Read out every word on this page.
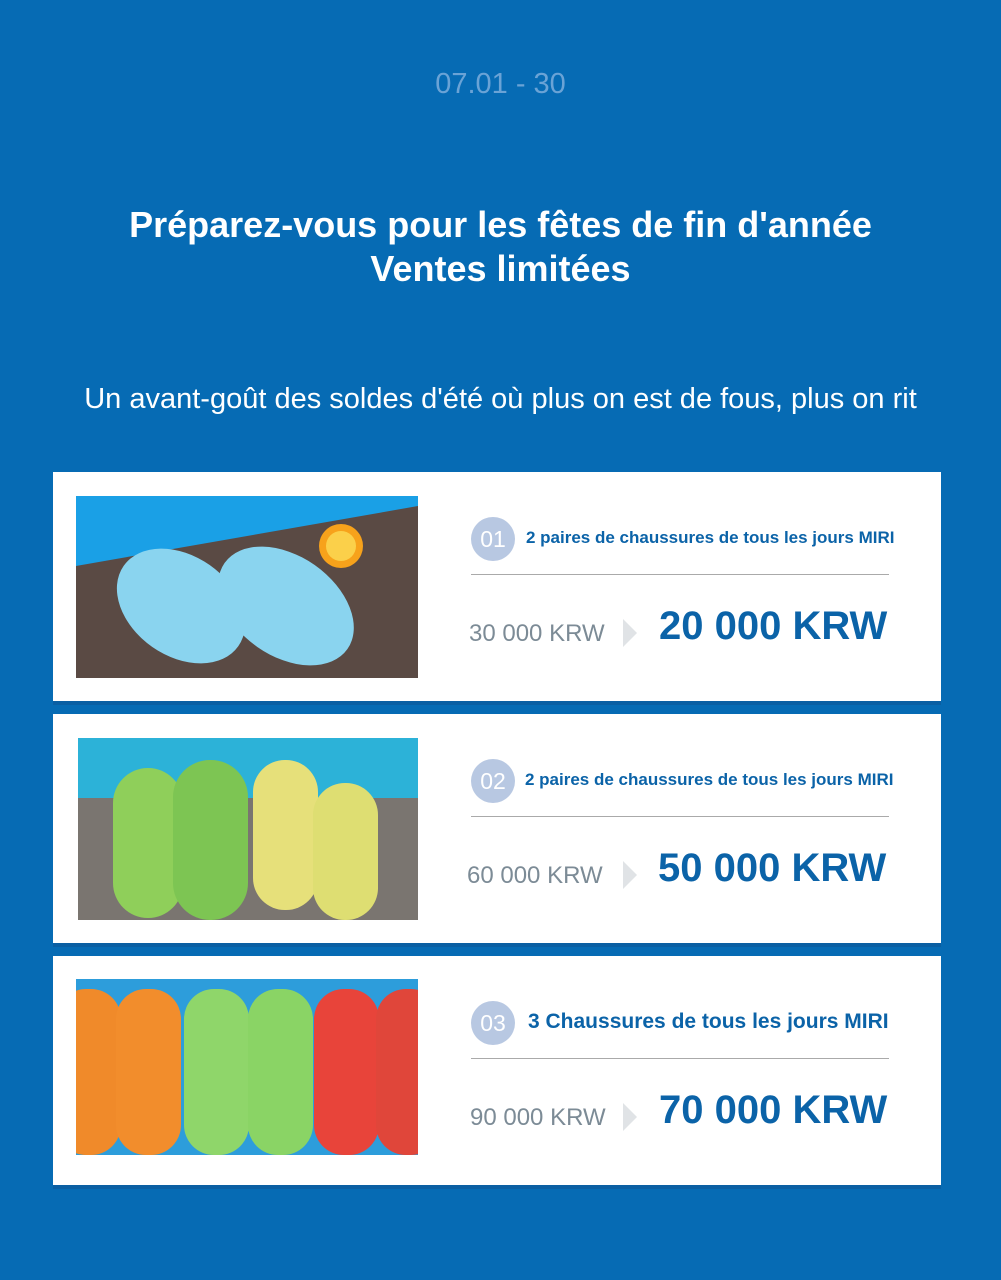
07.01 - 30
Préparez-vous pour les fêtes de fin d'année
Ventes limitées
Un avant-goût des soldes d'été où plus on est de fous, plus on rit
01	2 paires de chaussures de tous les jours MIRI
30 000 KRW 20 000 KRW
02	2 paires de chaussures de tous les jours MIRI
60 000 KRW 50 000 KRW
03	3 Chaussures de tous les jours MIRI
90 000 KRW 70 000 KRW
